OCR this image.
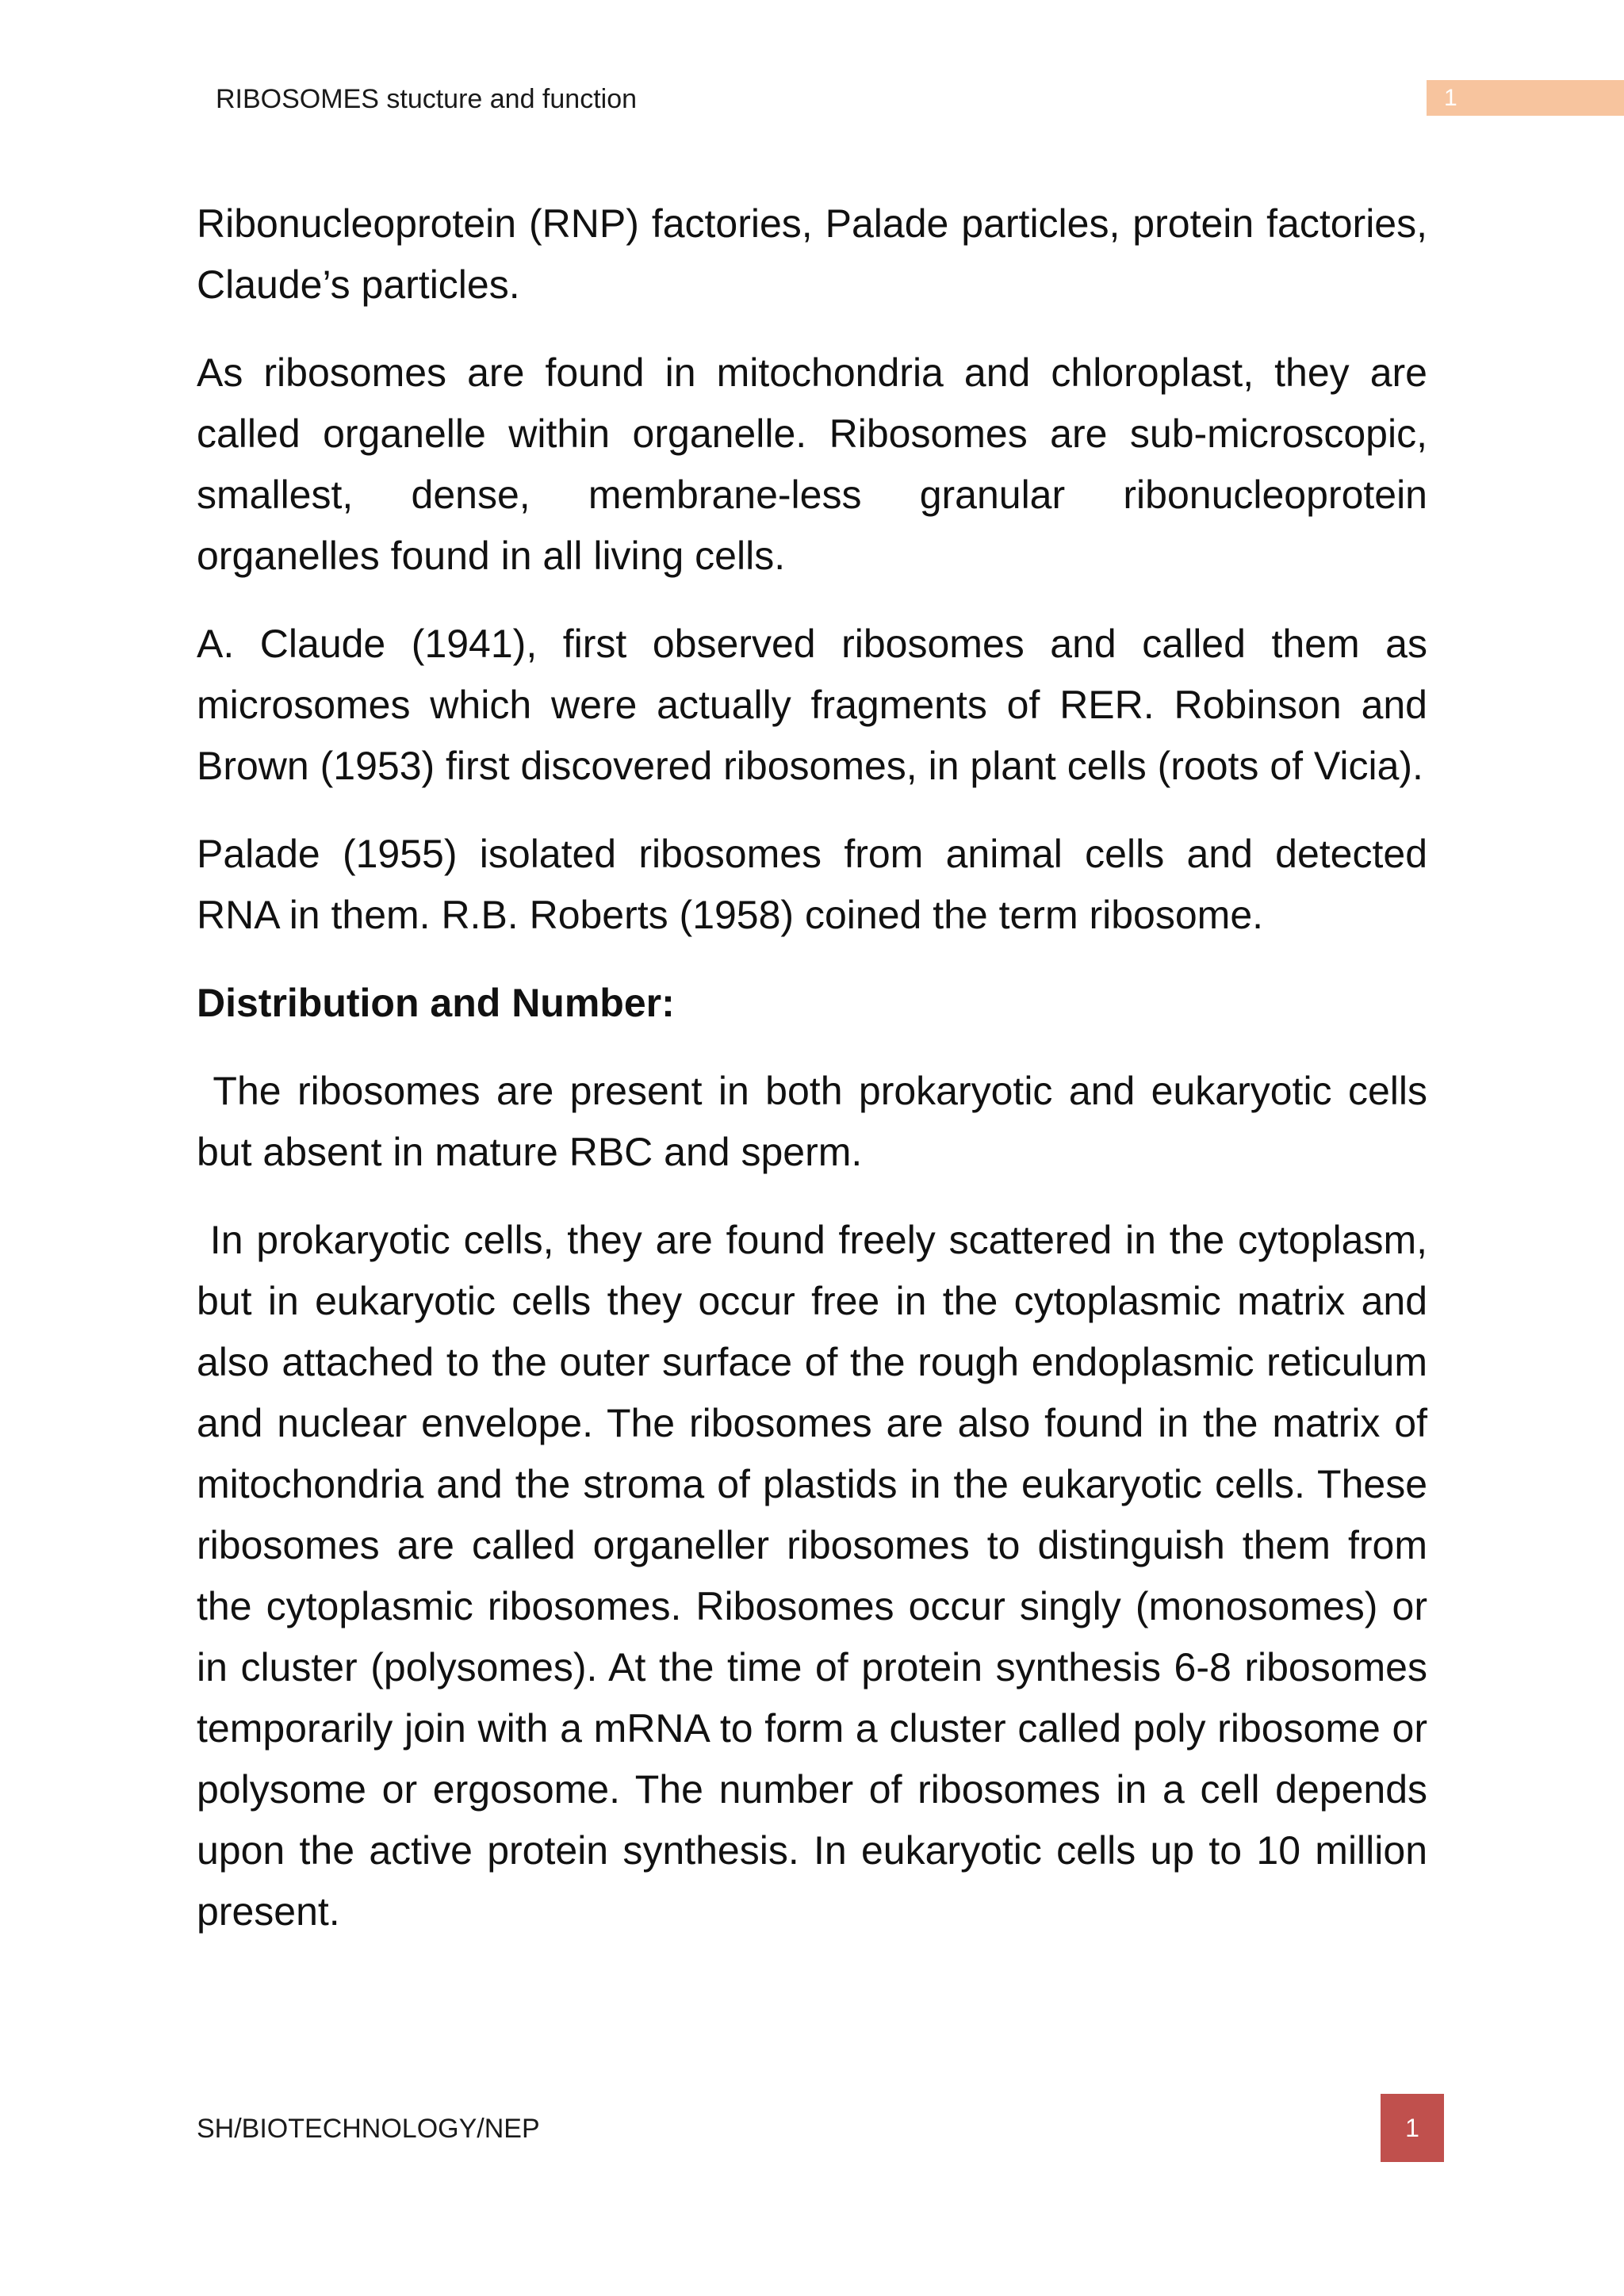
RIBOSOMES stucture and function	1

Ribonucleoprotein (RNP) factories, Palade particles, protein factories, Claude’s particles.

As ribosomes are found in mitochondria and chloroplast, they are called organelle within organelle. Ribosomes are sub-microscopic, smallest, dense, membrane-less granular ribonucleoprotein organelles found in all living cells.

A. Claude (1941), first observed ribosomes and called them as microsomes which were actually fragments of RER. Robinson and Brown (1953) first discovered ribosomes, in plant cells (roots of Vicia).

Palade (1955) isolated ribosomes from animal cells and detected RNA in them. R.B. Roberts (1958) coined the term ribosome.

Distribution and Number:

The ribosomes are present in both prokaryotic and eukaryotic cells but absent in mature RBC and sperm.

In prokaryotic cells, they are found freely scattered in the cytoplasm, but in eukaryotic cells they occur free in the cytoplasmic matrix and also attached to the outer surface of the rough endoplasmic reticulum and nuclear envelope. The ribosomes are also found in the matrix of mitochondria and the stroma of plastids in the eukaryotic cells. These ribosomes are called organeller ribosomes to distinguish them from the cytoplasmic ribosomes. Ribosomes occur singly (monosomes) or in cluster (polysomes). At the time of protein synthesis 6-8 ribosomes temporarily join with a mRNA to form a cluster called poly ribosome or polysome or ergosome. The number of ribosomes in a cell depends upon the active protein synthesis. In eukaryotic cells up to 10 million present.

SH/BIOTECHNOLOGY/NEP	1
